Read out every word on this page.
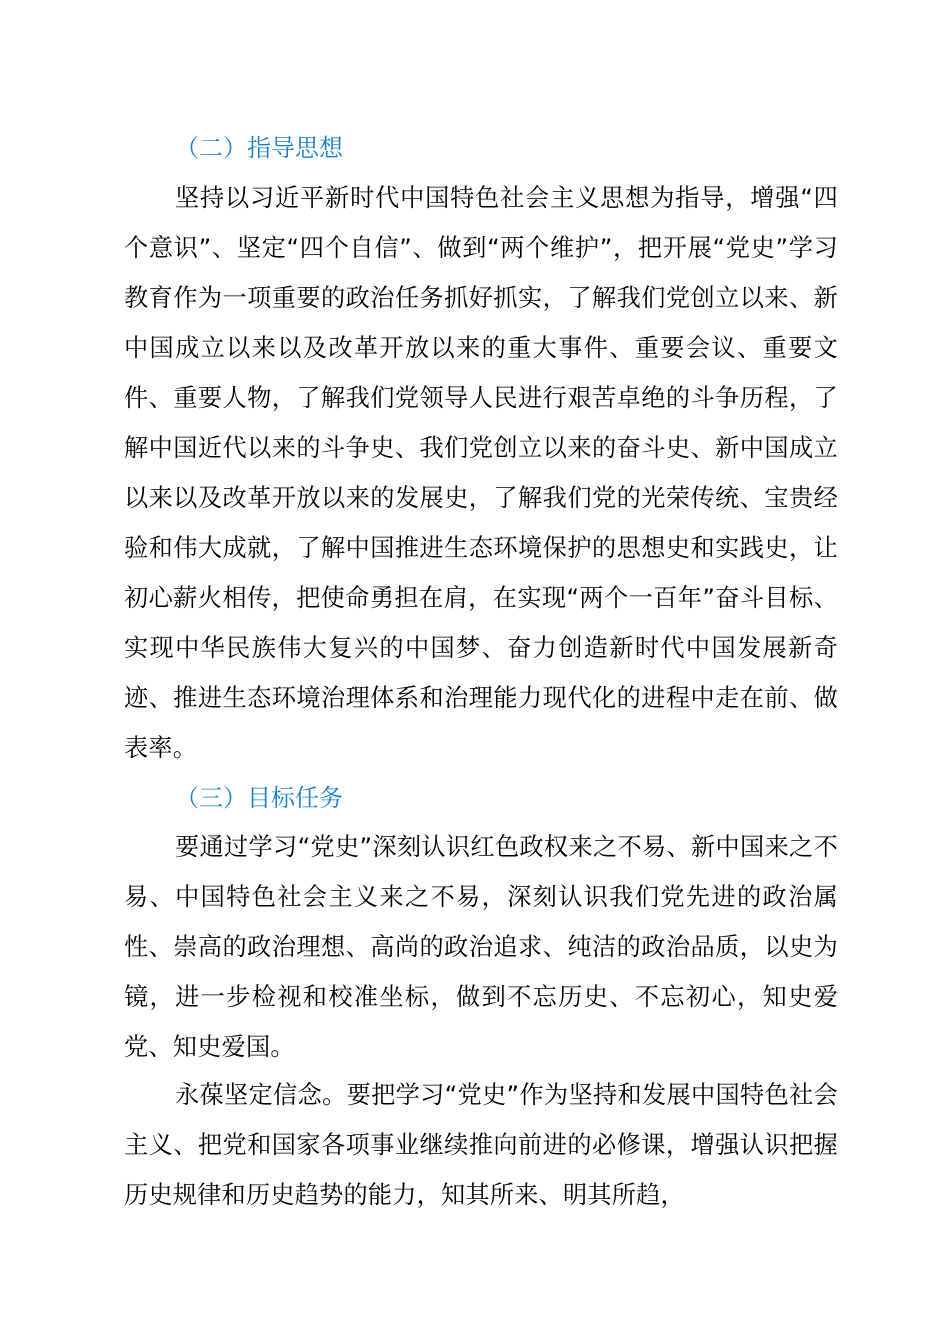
（二）指导思想

坚持以习近平新时代中国特色社会主义思想为指导，增强“四个意识”、坚定“四个自信”、做到“两个维护”，把开展“党史”学习教育作为一项重要的政治任务抓好抓实，了解我们党创立以来、新中国成立以来以及改革开放以来的重大事件、重要会议、重要文件、重要人物，了解我们党领导人民进行艰苦卓绝的斗争历程，了解中国近代以来的斗争史、我们党创立以来的奋斗史、新中国成立以来以及改革开放以来的发展史，了解我们党的光荣传统、宝贵经验和伟大成就，了解中国推进生态环境保护的思想史和实践史，让初心薪火相传，把使命勇担在肩，在实现“两个一百年”奋斗目标、实现中华民族伟大复兴的中国梦、奋力创造新时代中国发展新奇迹、推进生态环境治理体系和治理能力现代化的进程中走在前、做表率。

（三）目标任务

要通过学习“党史”深刻认识红色政权来之不易、新中国来之不易、中国特色社会主义来之不易，深刻认识我们党先进的政治属性、崇高的政治理想、高尚的政治追求、纯洁的政治品质，以史为镜，进一步检视和校准坐标，做到不忘历史、不忘初心，知史爱党、知史爱国。

永葆坚定信念。要把学习“党史”作为坚持和发展中国特色社会主义、把党和国家各项事业继续推向前进的必修课，增强认识把握历史规律和历史趋势的能力，知其所来、明其所趋，
